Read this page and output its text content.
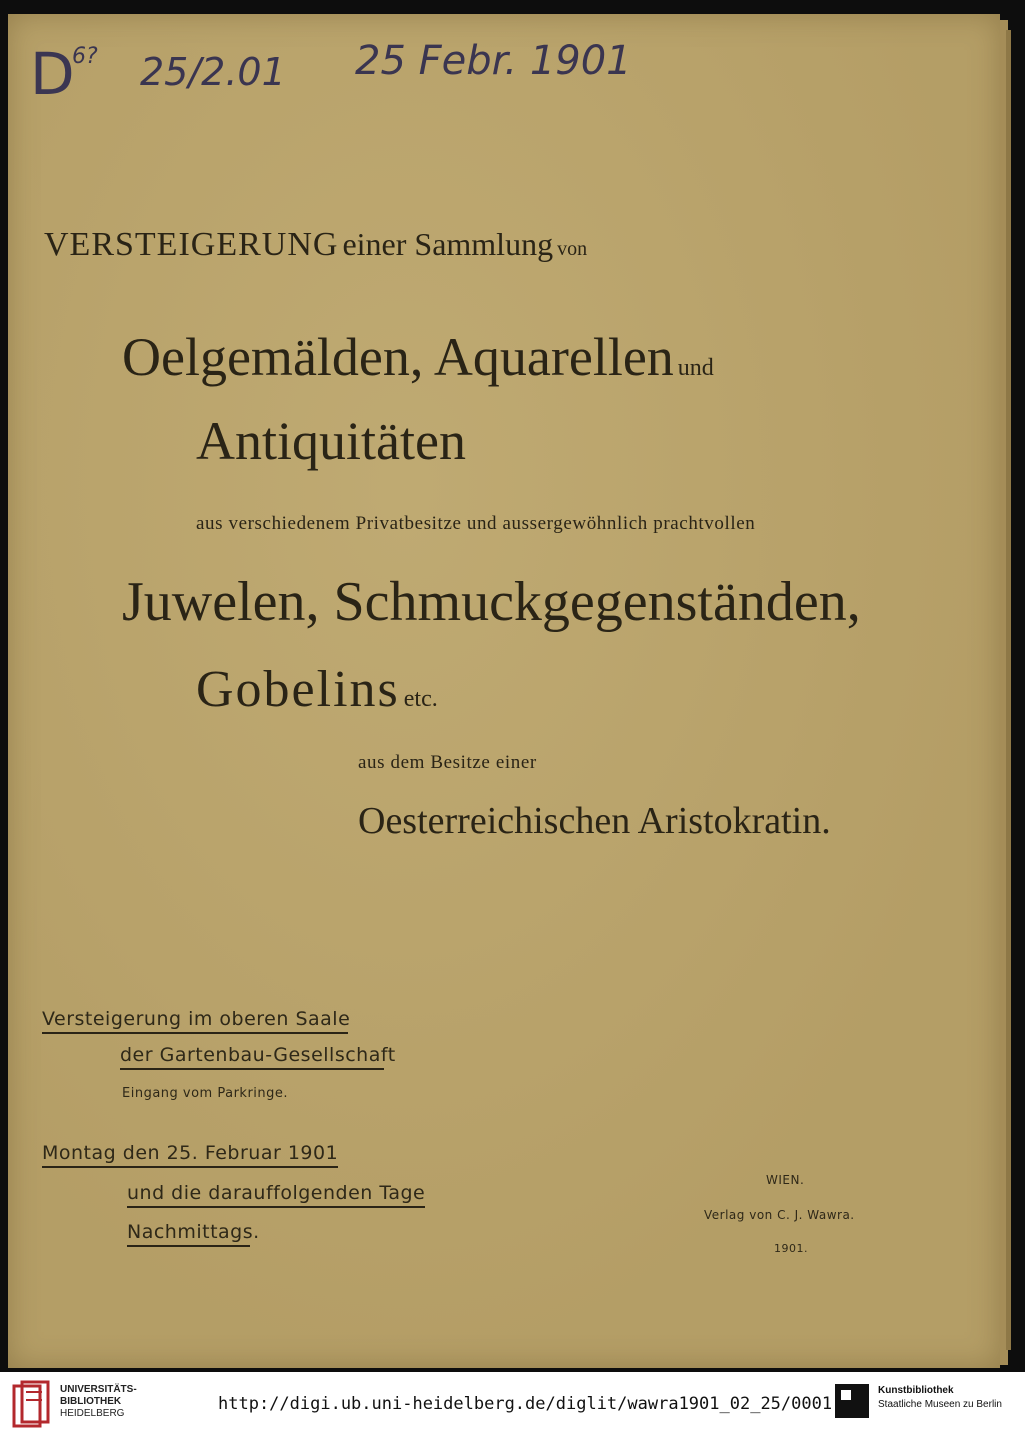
D
6? 25/2.01 25 Febr. 1901
VERSTEIGERUNG einer Sammlung von
Oelgemälden, Aquarellen und
Antiquitäten
aus verschiedenem Privatbesitze und aussergewöhnlich prachtvollen
Juwelen, Schmuckgegenständen,
Gobelins etc.
aus dem Besitze einer
Oesterreichischen Aristokratin.
Versteigerung im oberen Saale
der Gartenbau-Gesellschaft
Eingang vom Parkringe.
Montag den 25. Februar 1901
und die darauffolgenden Tage
Nachmittags.
WIEN.
Verlag von C. J. Wawra.
1901.
UNIVERSITÄTS-
BIBLIOTHEK
HEIDELBERG	http://digi.ub.uni-heidelberg.de/diglit/wawra1901_02_25/0001
Kunstbibliothek
Staatliche Museen zu Berlin
